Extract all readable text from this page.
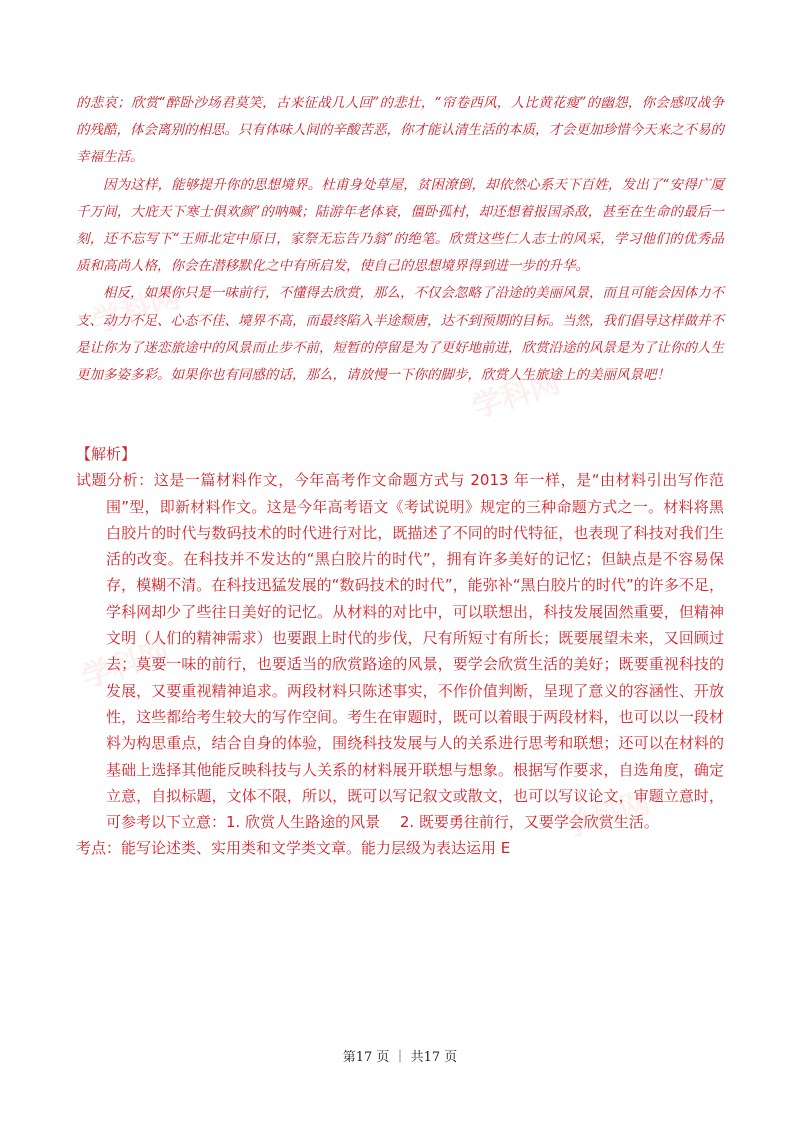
学科网
学科网
学科网
学科网

的悲哀；欣赏“醉卧沙场君莫笑，古来征战几人回”的悲壮，“帘卷西风，人比黄花瘦”的幽怨，你会感叹战争的残酷，体会离别的相思。只有体味人间的辛酸苦恶，你才能认清生活的本质，才会更加珍惜今天来之不易的幸福生活。

因为这样，能够提升你的思想境界。杜甫身处草屋，贫困潦倒，却依然心系天下百姓，发出了“安得广厦千万间，大庇天下寒士俱欢颜”的呐喊；陆游年老体衰，僵卧孤村，却还想着报国杀敌，甚至在生命的最后一刻，还不忘写下“王师北定中原日，家祭无忘告乃翁”的绝笔。欣赏这些仁人志士的风采，学习他们的优秀品质和高尚人格，你会在潜移默化之中有所启发，使自己的思想境界得到进一步的升华。

相反，如果你只是一味前行，不懂得去欣赏，那么，不仅会忽略了沿途的美丽风景，而且可能会因体力不支、动力不足、心态不佳、境界不高，而最终陷入半途颓唐，达不到预期的目标。当然，我们倡导这样做并不是让你为了迷恋旅途中的风景而止步不前，短暂的停留是为了更好地前进，欣赏沿途的风景是为了让你的人生更加多姿多彩。如果你也有同感的话，那么，请放慢一下你的脚步，欣赏人生旅途上的美丽风景吧！

【解析】

试题分析：这是一篇材料作文，今年高考作文命题方式与 2013 年一样，是“由材料引出写作范围”型，即新材料作文。这是今年高考语文《考试说明》规定的三种命题方式之一。材料将黑白胶片的时代与数码技术的时代进行对比，既描述了不同的时代特征，也表现了科技对我们生活的改变。在科技并不发达的“黑白胶片的时代”，拥有许多美好的记忆；但缺点是不容易保存，模糊不清。在科技迅猛发展的“数码技术的时代”，能弥补“黑白胶片的时代”的许多不足，学科网却少了些往日美好的记忆。从材料的对比中，可以联想出，科技发展固然重要，但精神文明（人们的精神需求）也要跟上时代的步伐，尺有所短寸有所长；既要展望未来，又回顾过去；莫要一味的前行，也要适当的欣赏路途的风景，要学会欣赏生活的美好；既要重视科技的发展，又要重视精神追求。两段材料只陈述事实，不作价值判断，呈现了意义的容涵性、开放性，这些都给考生较大的写作空间。考生在审题时，既可以着眼于两段材料，也可以以一段材料为构思重点，结合自身的体验，围绕科技发展与人的关系进行思考和联想；还可以在材料的基础上选择其他能反映科技与人关系的材料展开联想与想象。根据写作要求，自选角度，确定立意，自拟标题，文体不限，所以，既可以写记叙文或散文，也可以写议论文，审题立意时，可参考以下立意：1. 欣赏人生路途的风景　 2. 既要勇往前行，又要学会欣赏生活。

考点：能写论述类、实用类和文学类文章。能力层级为表达运用 E

第17 页 ｜ 共17 页
